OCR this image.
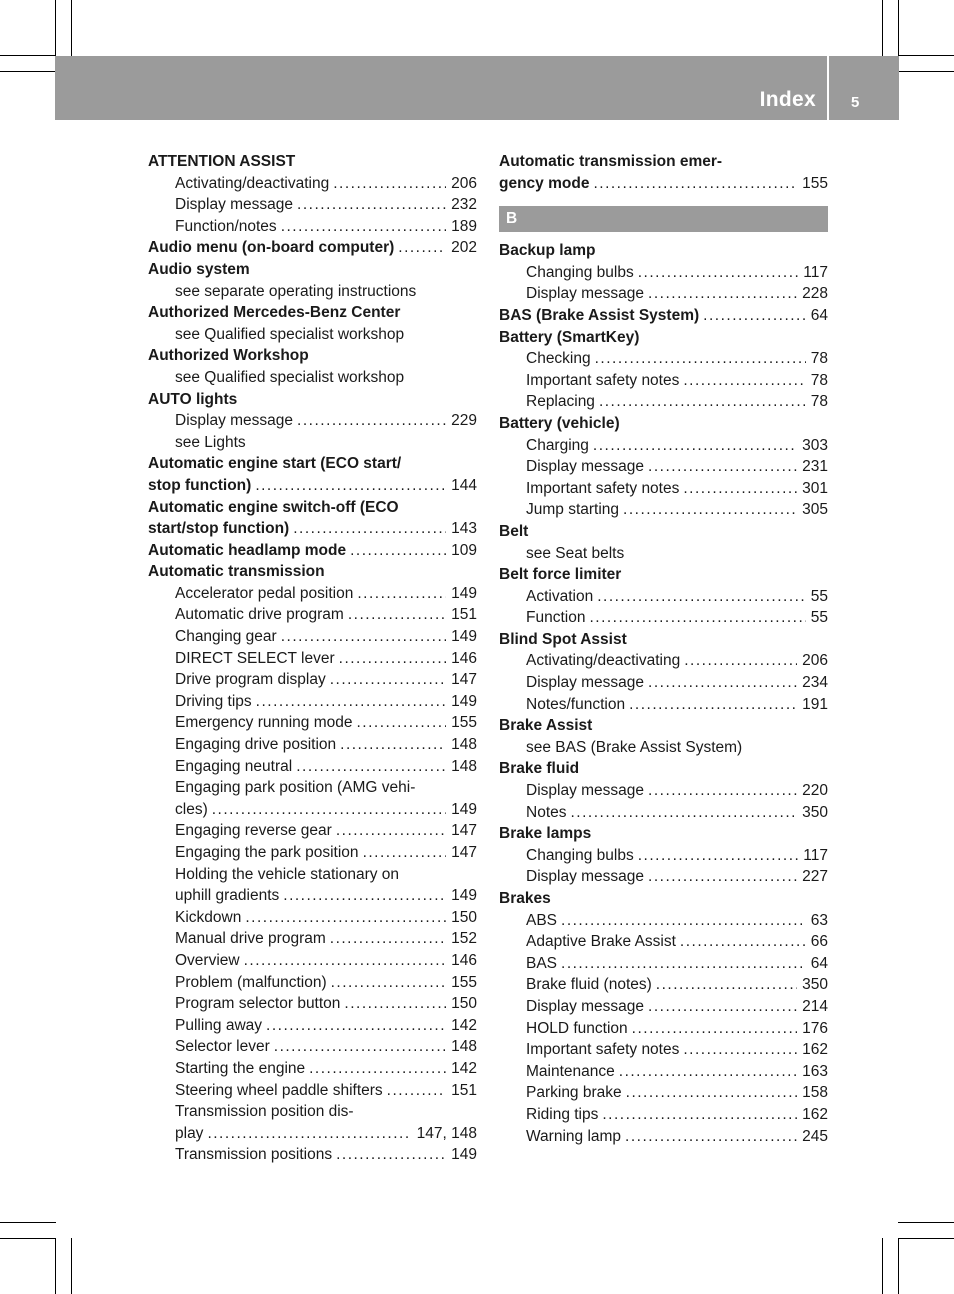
Index 5
ATTENTION ASSIST
Activating/deactivating .....	206
Display message .....	232
Function/notes .....	189
Audio menu (on-board computer) .....	202
Audio system
see separate operating instructions
Authorized Mercedes-Benz Center
see Qualified specialist workshop
Authorized Workshop
see Qualified specialist workshop
AUTO lights
Display message .....	229
see Lights
Automatic engine start (ECO start/
stop function) .....	144
Automatic engine switch-off (ECO
start/stop function) .....	143
Automatic headlamp mode .....	109
Automatic transmission
Accelerator pedal position .....	149
Automatic drive program .....	151
Changing gear .....	149
DIRECT SELECT lever .....	146
Drive program display .....	147
Driving tips .....	149
Emergency running mode .....	155
Engaging drive position .....	148
Engaging neutral .....	148
Engaging park position (AMG vehi-
cles) .....	149
Engaging reverse gear .....	147
Engaging the park position .....	147
Holding the vehicle stationary on
uphill gradients .....	149
Kickdown .....	150
Manual drive program .....	152
Overview .....	146
Problem (malfunction) .....	155
Program selector button .....	150
Pulling away .....	142
Selector lever .....	148
Starting the engine .....	142
Steering wheel paddle shifters .....	151
Transmission position dis-
play .....	147, 148
Transmission positions .....	149
Automatic transmission emer-
gency mode .....	155
B
Backup lamp
Changing bulbs .....	117
Display message .....	228
BAS (Brake Assist System) .....	64
Battery (SmartKey)
Checking .....	78
Important safety notes .....	78
Replacing .....	78
Battery (vehicle)
Charging .....	303
Display message .....	231
Important safety notes .....	301
Jump starting .....	305
Belt
see Seat belts
Belt force limiter
Activation .....	55
Function .....	55
Blind Spot Assist
Activating/deactivating .....	206
Display message .....	234
Notes/function .....	191
Brake Assist
see BAS (Brake Assist System)
Brake fluid
Display message .....	220
Notes .....	350
Brake lamps
Changing bulbs .....	117
Display message .....	227
Brakes
ABS .....	63
Adaptive Brake Assist .....	66
BAS .....	64
Brake fluid (notes) .....	350
Display message .....	214
HOLD function .....	176
Important safety notes .....	162
Maintenance .....	163
Parking brake .....	158
Riding tips .....	162
Warning lamp .....	245
